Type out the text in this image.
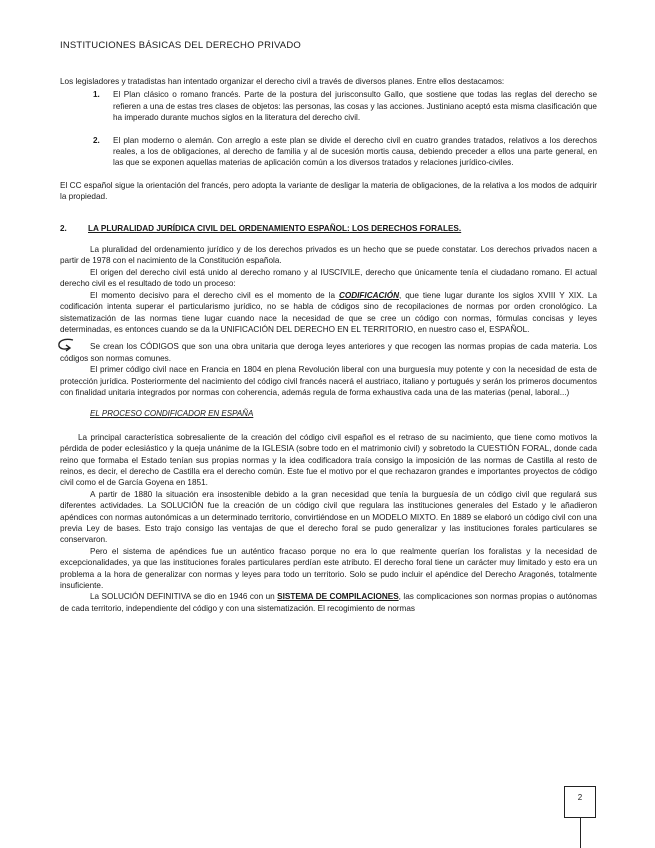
INSTITUCIONES BÁSICAS DEL DERECHO PRIVADO

Los legisladores y tratadistas han intentado organizar el derecho civil a través de diversos planes. Entre ellos destacamos:

1. El Plan clásico o romano francés. Parte de la postura del jurisconsulto Gallo, que sostiene que todas las reglas del derecho se refieren a una de estas tres clases de objetos: las personas, las cosas y las acciones. Justiniano aceptó esta misma clasificación que ha imperado durante muchos siglos en la literatura del derecho civil.
2. El plan moderno o alemán. Con arreglo a este plan se divide el derecho civil en cuatro grandes tratados, relativos a los derechos reales, a los de obligaciones, al derecho de familia y al de sucesión mortis causa, debiendo preceder a ellos una parte general, en las que se exponen aquellas materias de aplicación común a los diversos tratados y relaciones jurídico-civiles.

El CC español sigue la orientación del francés, pero adopta la variante de desligar la materia de obligaciones, de la relativa a los modos de adquirir la propiedad.

2.	LA PLURALIDAD JURÍDICA CIVIL DEL ORDENAMIENTO ESPAÑOL: LOS DERECHOS FORALES.

La pluralidad del ordenamiento jurídico y de los derechos privados es un hecho que se puede constatar. Los derechos privados nacen a partir de 1978 con el nacimiento de la Constitución española.

El origen del derecho civil está unido al derecho romano y al IUSCIVILE, derecho que únicamente tenía el ciudadano romano. El actual derecho civil es el resultado de todo un proceso:

El momento decisivo para el derecho civil es el momento de la CODIFICACIÓN, que tiene lugar durante los siglos XVIII Y XIX. La codificación intenta superar el particularismo jurídico, no se habla de códigos sino de recopilaciones de normas por orden cronológico. La sistematización de las normas tiene lugar cuando nace la necesidad de que se cree un código con normas, fórmulas concisas y leyes determinadas, es entonces cuando se da la UNIFICACIÓN DEL DERECHO EN EL TERRITORIO, en nuestro caso el, ESPAÑOL.

Se crean los CÓDIGOS que son una obra unitaria que deroga leyes anteriores y que recogen las normas propias de cada materia. Los códigos son normas comunes.

El primer código civil nace en Francia en 1804 en plena Revolución liberal con una burguesía muy potente y con la necesidad de esta de protección jurídica. Posteriormente del nacimiento del código civil francés nacerá el austriaco, italiano y portugués y serán los primeros documentos con finalidad unitaria integrados por normas con coherencia, además regula de forma exhaustiva cada una de las materias (penal, laboral...)

EL PROCESO CONDIFICADOR EN ESPAÑA

La principal característica sobresaliente de la creación del código civil español es el retraso de su nacimiento, que tiene como motivos la pérdida de poder eclesiástico y la queja unánime de la IGLESIA (sobre todo en el matrimonio civil) y sobretodo la CUESTIÓN FORAL, donde cada reino que formaba el Estado tenían sus propias normas y la idea codificadora traía consigo la imposición de las normas de Castilla al resto de reinos, es decir, el derecho de Castilla era el derecho común. Este fue el motivo por el que rechazaron grandes e importantes proyectos de código civil como el de García Goyena en 1851.

A partir de 1880 la situación era insostenible debido a la gran necesidad que tenía la burguesía de un código civil que regulará sus diferentes actividades. La SOLUCIÓN fue la creación de un código civil que regulara las instituciones generales del Estado y le añadieron apéndices con normas autonómicas a un determinado territorio, convirtiéndose en un MODELO MIXTO. En 1889 se elaboró un código civil con una previa Ley de bases. Esto trajo consigo las ventajas de que el derecho foral se pudo generalizar y las instituciones forales particulares se conservaron.

Pero el sistema de apéndices fue un auténtico fracaso porque no era lo que realmente querían los foralistas y la necesidad de excepcionalidades, ya que las instituciones forales particulares perdían este atributo. El derecho foral tiene un carácter muy limitado y esto era un problema a la hora de generalizar con normas y leyes para todo un territorio. Solo se pudo incluir el apéndice del Derecho Aragonés, totalmente insuficiente.

La SOLUCIÓN DEFINITIVA se dio en 1946 con un SISTEMA DE COMPILACIONES, las complicaciones son normas propias o autónomas de cada territorio, independiente del código y con una sistematización. El recogimiento de normas

2
